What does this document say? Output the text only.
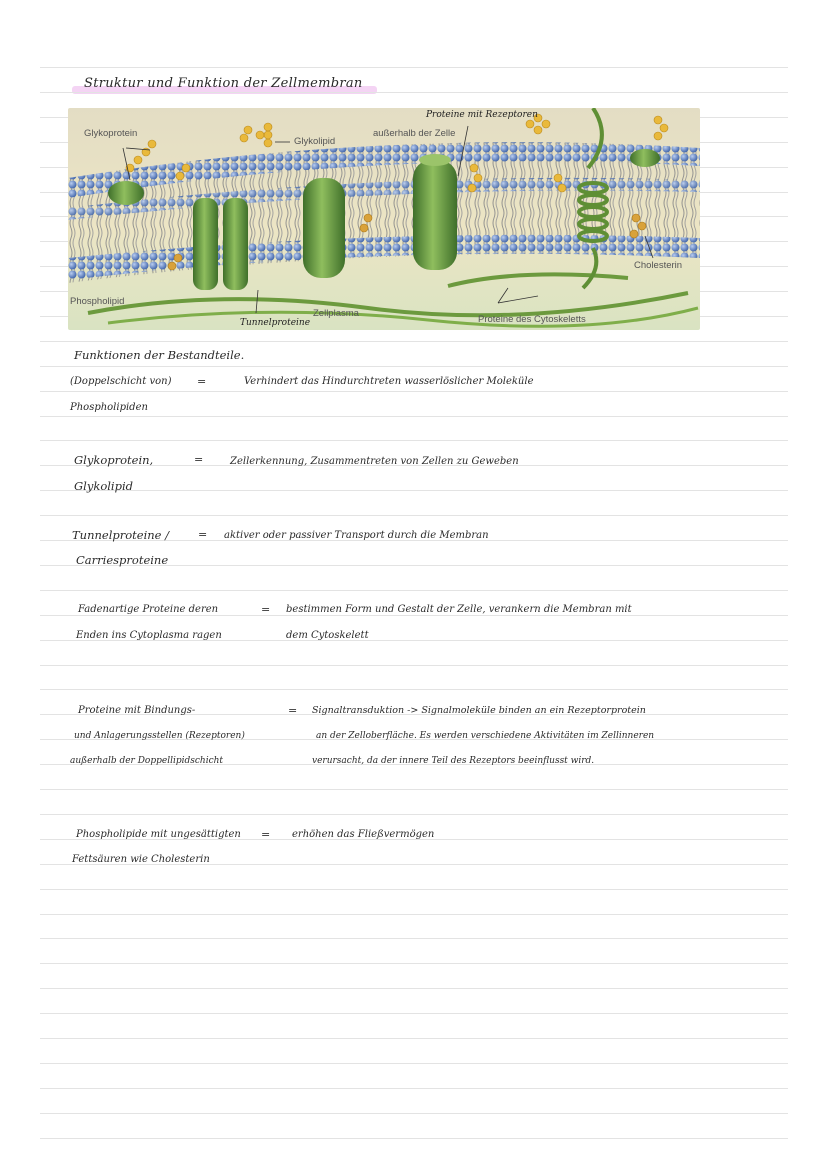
Struktur und Funktion der Zellmembran
Glykoprotein
Glykolipid
Proteine mit Rezeptoren
außerhalb der Zelle
Cholesterin
Phospholipid
Zellplasma
Tunnelproteine	Proteine des Cytoskeletts
Funktionen der Bestandteile.
(Doppelschicht von)
Phospholipiden
=	Verhindert das Hindurchtreten wasserlöslicher Moleküle
Glykoprotein,
Glykolipid
=	Zellerkennung, Zusammentreten von Zellen zu Geweben
Tunnelproteine /
Carriesproteine
= aktiver oder passiver Transport durch die Membran
Fadenartige Proteine deren
Enden ins Cytoplasma ragen
= bestimmen Form und Gestalt der Zelle, verankern die Membran mit
dem Cytoskelett
Proteine mit Bindungs-
und Anlagerungsstellen (Rezeptoren)
außerhalb der Doppellipidschicht
= Signaltransduktion -> Signalmoleküle binden an ein Rezeptorprotein
an der Zelloberfläche. Es werden verschiedene Aktivitäten im Zellinneren
verursacht, da der innere Teil des Rezeptors beeinflusst wird.
Phospholipide mit ungesättigten
Fettsäuren wie Cholesterin
= erhöhen das Fließvermögen
